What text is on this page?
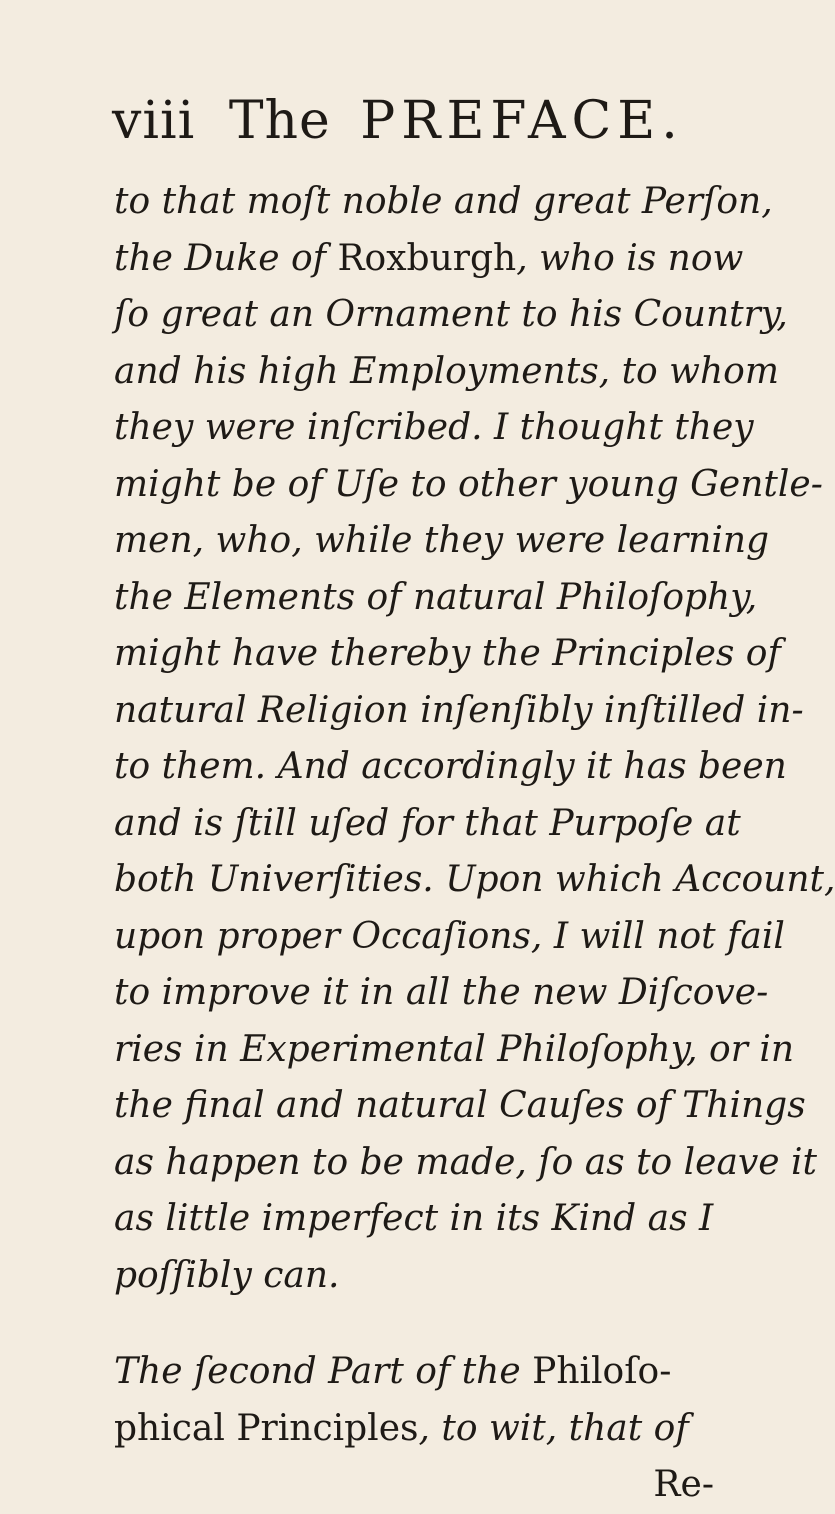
viii The PREFACE.
to that moſt noble and great Perſon,
the Duke of Roxburgh, who is now
ſo great an Ornament to his Country,
and his high Employments, to whom
they were inſcribed. I thought they
might be of Uſe to other young Gentle-
men, who, while they were learning
the Elements of natural Philoſophy,
might have thereby the Principles of
natural Religion inſenſibly inſtilled in-
to them. And accordingly it has been
and is ſtill uſed for that Purpoſe at
both Univerſities. Upon which Account,
upon proper Occaſions, I will not fail
to improve it in all the new Diſcove-
ries in Experimental Philoſophy, or in
the final and natural Cauſes of Things
as happen to be made, ſo as to leave it
as little imperfect in its Kind as I
poſſibly can.
The ſecond Part of the Philoſo-
phical Principles, to wit, that of
Re-
